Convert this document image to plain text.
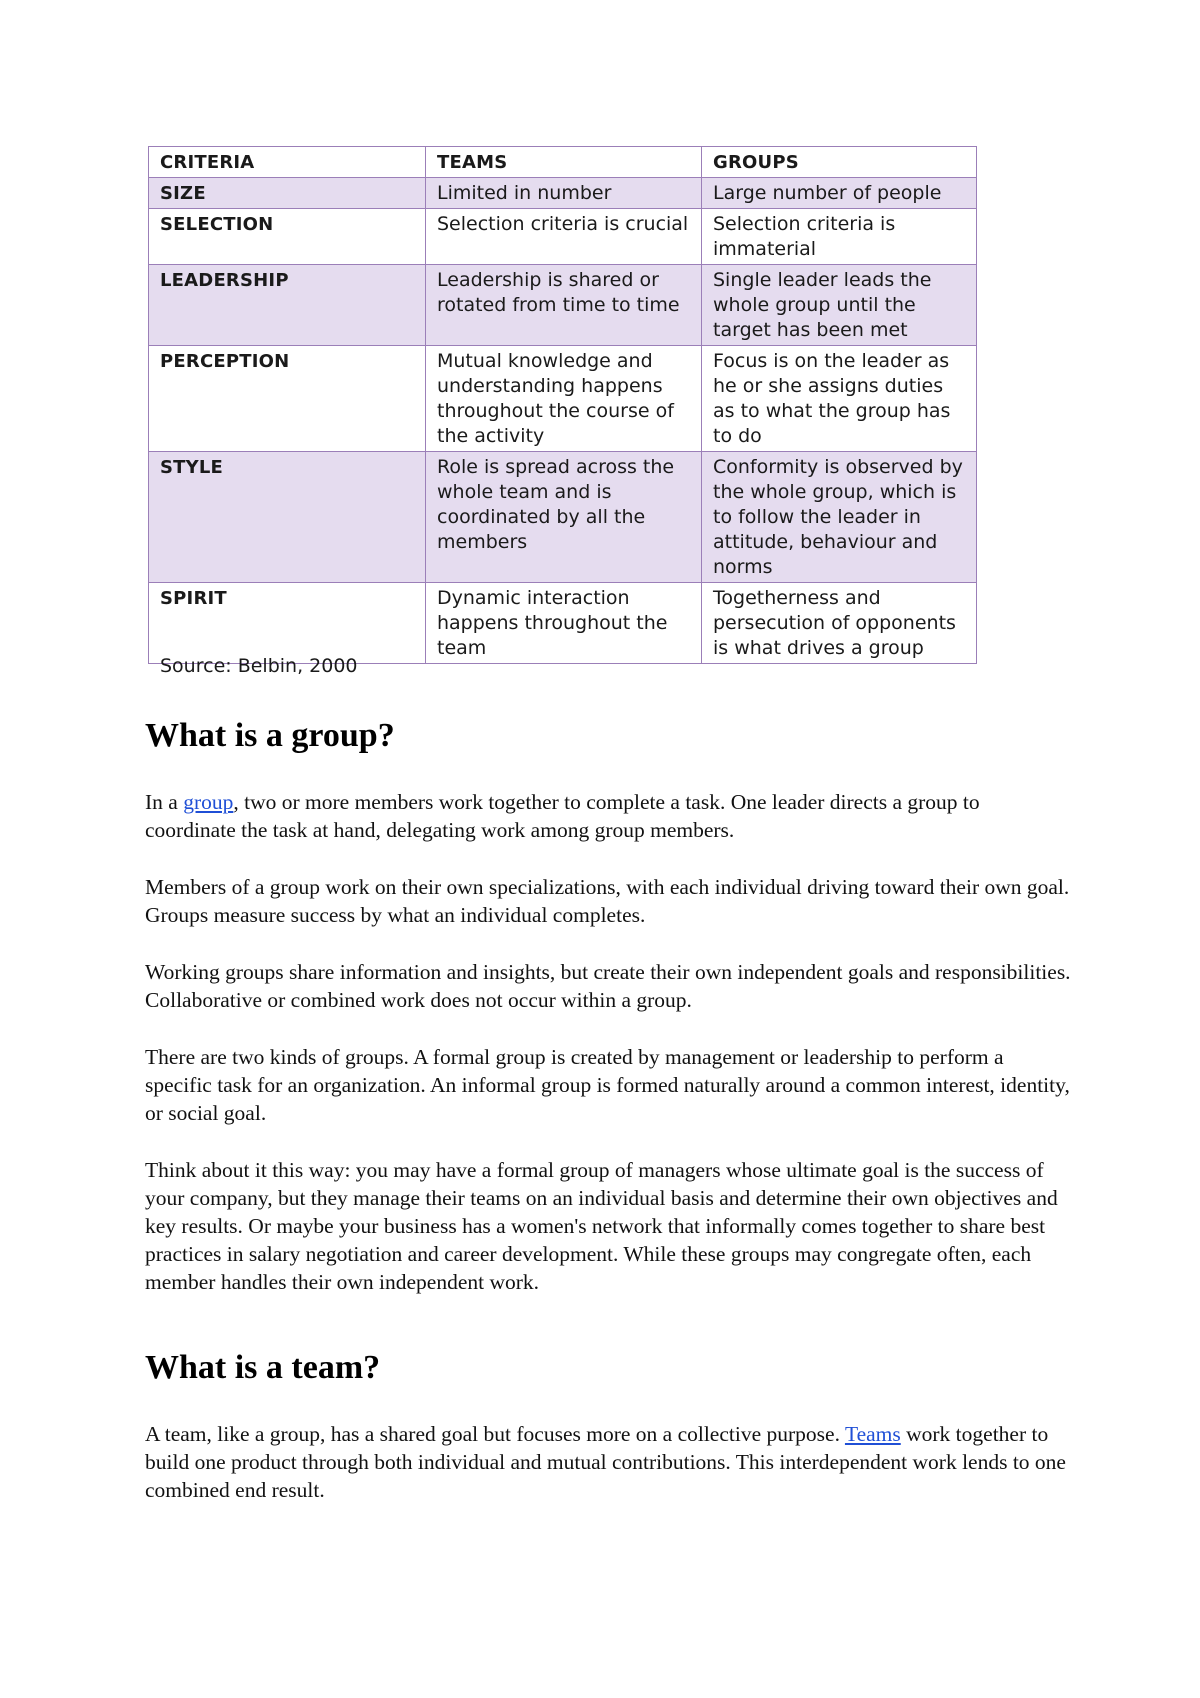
CRITERIA	TEAMS	GROUPS
SIZE	Limited in number	Large number of people
SELECTION	Selection criteria is crucial	Selection criteria is immaterial
LEADERSHIP	Leadership is shared or rotated from time to time	Single leader leads the whole group until the target has been met
PERCEPTION	Mutual knowledge and understanding happens throughout the course of the activity	Focus is on the leader as he or she assigns duties as to what the group has to do
STYLE	Role is spread across the whole team and is coordinated by all the members	Conformity is observed by the whole group, which is to follow the leader in attitude, behaviour and norms
SPIRIT	Dynamic interaction happens throughout the team	Togetherness and persecution of opponents is what drives a group
Source: Belbin, 2000
What is a group?

In a group, two or more members work together to complete a task. One leader directs a group to coordinate the task at hand, delegating work among group members.

Members of a group work on their own specializations, with each individual driving toward their own goal. Groups measure success by what an individual completes.

Working groups share information and insights, but create their own independent goals and responsibilities. Collaborative or combined work does not occur within a group.

There are two kinds of groups. A formal group is created by management or leadership to perform a specific task for an organization. An informal group is formed naturally around a common interest, identity, or social goal.

Think about it this way: you may have a formal group of managers whose ultimate goal is the success of your company, but they manage their teams on an individual basis and determine their own objectives and key results. Or maybe your business has a women's network that informally comes together to share best practices in salary negotiation and career development. While these groups may congregate often, each member handles their own independent work.

What is a team?

A team, like a group, has a shared goal but focuses more on a collective purpose. Teams work together to build one product through both individual and mutual contributions. This interdependent work lends to one combined end result.
